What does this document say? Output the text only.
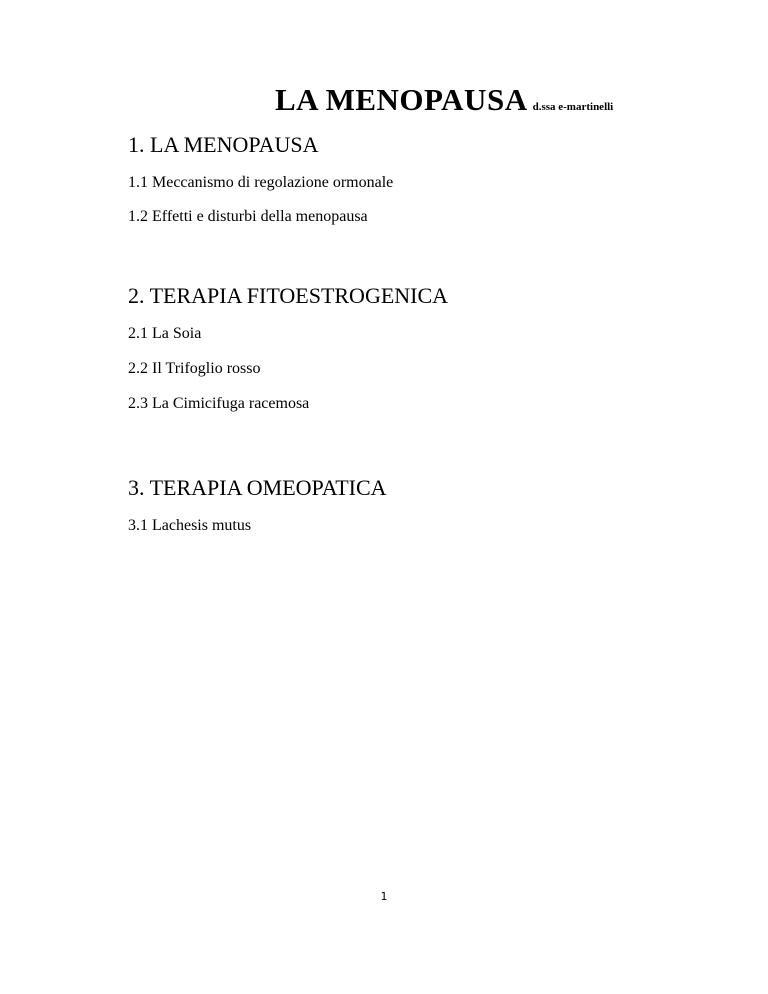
LA MENOPAUSA d.ssa e-martinelli
1. LA MENOPAUSA
1.1 Meccanismo di regolazione ormonale
1.2 Effetti e disturbi della menopausa
2. TERAPIA FITOESTROGENICA
2.1 La Soia
2.2 Il Trifoglio rosso
2.3 La Cimicifuga racemosa
3. TERAPIA OMEOPATICA
3.1 Lachesis mutus
1
